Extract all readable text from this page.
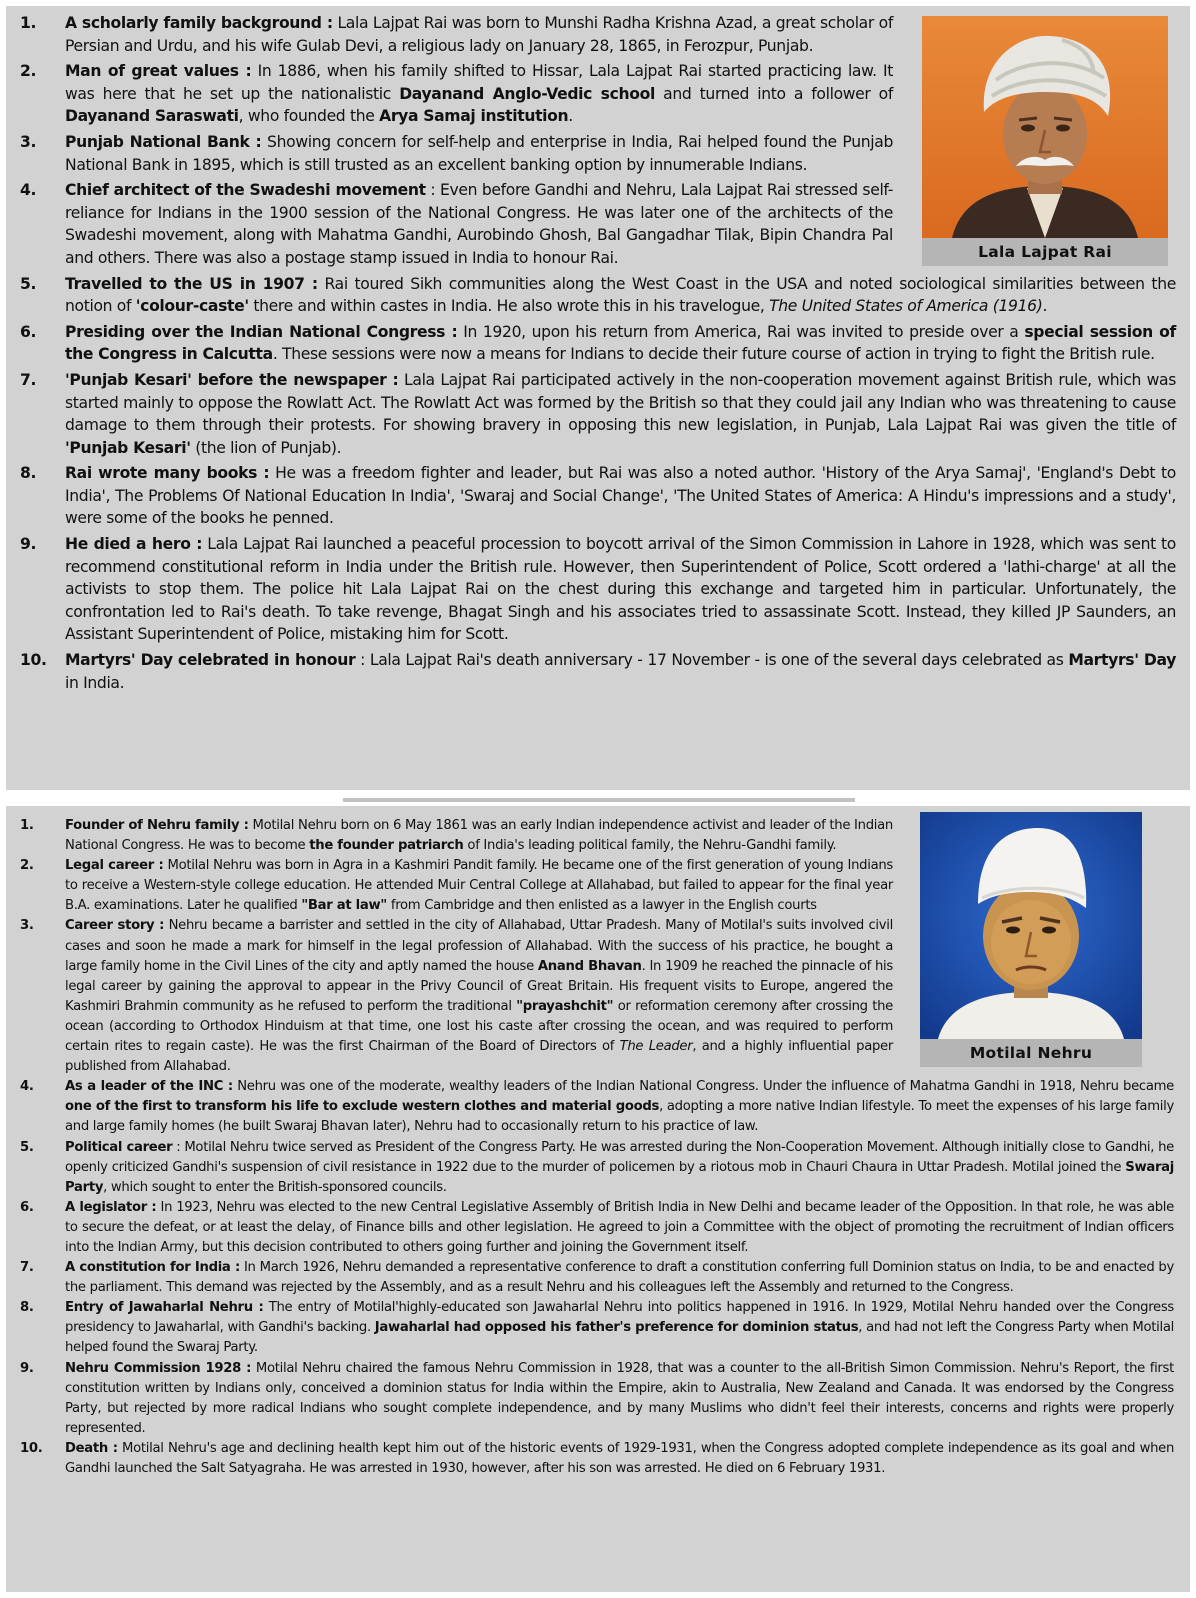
1. A scholarly family background : Lala Lajpat Rai was born to Munshi Radha Krishna Azad, a great scholar of Persian and Urdu, and his wife Gulab Devi, a religious lady on January 28, 1865, in Ferozpur, Punjab.
2. Man of great values : In 1886, when his family shifted to Hissar, Lala Lajpat Rai started practicing law. It was here that he set up the nationalistic Dayanand Anglo-Vedic school and turned into a follower of Dayanand Saraswati, who founded the Arya Samaj institution.
3. Punjab National Bank : Showing concern for self-help and enterprise in India, Rai helped found the Punjab National Bank in 1895, which is still trusted as an excellent banking option by innumerable Indians.
4. Chief architect of the Swadeshi movement : Even before Gandhi and Nehru, Lala Lajpat Rai stressed self-reliance for Indians in the 1900 session of the National Congress. He was later one of the architects of the Swadeshi movement, along with Mahatma Gandhi, Aurobindo Ghosh, Bal Gangadhar Tilak, Bipin Chandra Pal and others. There was also a postage stamp issued in India to honour Rai.
5. Travelled to the US in 1907 : Rai toured Sikh communities along the West Coast in the USA and noted sociological similarities between the notion of 'colour-caste' there and within castes in India. He also wrote this in his travelogue, The United States of America (1916).
6. Presiding over the Indian National Congress : In 1920, upon his return from America, Rai was invited to preside over a special session of the Congress in Calcutta. These sessions were now a means for Indians to decide their future course of action in trying to fight the British rule.
7. 'Punjab Kesari' before the newspaper : Lala Lajpat Rai participated actively in the non-cooperation movement against British rule, which was started mainly to oppose the Rowlatt Act. The Rowlatt Act was formed by the British so that they could jail any Indian who was threatening to cause damage to them through their protests. For showing bravery in opposing this new legislation, in Punjab, Lala Lajpat Rai was given the title of 'Punjab Kesari' (the lion of Punjab).
8. Rai wrote many books : He was a freedom fighter and leader, but Rai was also a noted author. 'History of the Arya Samaj', 'England's Debt to India', The Problems Of National Education In India', 'Swaraj and Social Change', 'The United States of America: A Hindu's impressions and a study', were some of the books he penned.
9. He died a hero : Lala Lajpat Rai launched a peaceful procession to boycott arrival of the Simon Commission in Lahore in 1928, which was sent to recommend constitutional reform in India under the British rule. However, then Superintendent of Police, Scott ordered a 'lathi-charge' at all the activists to stop them. The police hit Lala Lajpat Rai on the chest during this exchange and targeted him in particular. Unfortunately, the confrontation led to Rai's death. To take revenge, Bhagat Singh and his associates tried to assassinate Scott. Instead, they killed JP Saunders, an Assistant Superintendent of Police, mistaking him for Scott.
10. Martyrs' Day celebrated in honour : Lala Lajpat Rai's death anniversary - 17 November - is one of the several days celebrated as Martyrs' Day in India.
Lala Lajpat Rai
1. Founder of Nehru family : Motilal Nehru born on 6 May 1861 was an early Indian independence activist and leader of the Indian National Congress. He was to become the founder patriarch of India's leading political family, the Nehru-Gandhi family.
2. Legal career : Motilal Nehru was born in Agra in a Kashmiri Pandit family. He became one of the first generation of young Indians to receive a Western-style college education. He attended Muir Central College at Allahabad, but failed to appear for the final year B.A. examinations. Later he qualified "Bar at law" from Cambridge and then enlisted as a lawyer in the English courts
3. Career story : Nehru became a barrister and settled in the city of Allahabad, Uttar Pradesh. Many of Motilal's suits involved civil cases and soon he made a mark for himself in the legal profession of Allahabad. With the success of his practice, he bought a large family home in the Civil Lines of the city and aptly named the house Anand Bhavan. In 1909 he reached the pinnacle of his legal career by gaining the approval to appear in the Privy Council of Great Britain. His frequent visits to Europe, angered the Kashmiri Brahmin community as he refused to perform the traditional "prayashchit" or reformation ceremony after crossing the ocean (according to Orthodox Hinduism at that time, one lost his caste after crossing the ocean, and was required to perform certain rites to regain caste). He was the first Chairman of the Board of Directors of The Leader, and a highly influential paper published from Allahabad.
4. As a leader of the INC : Nehru was one of the moderate, wealthy leaders of the Indian National Congress. Under the influence of Mahatma Gandhi in 1918, Nehru became one of the first to transform his life to exclude western clothes and material goods, adopting a more native Indian lifestyle. To meet the expenses of his large family and large family homes (he built Swaraj Bhavan later), Nehru had to occasionally return to his practice of law.
5. Political career : Motilal Nehru twice served as President of the Congress Party. He was arrested during the Non-Cooperation Movement. Although initially close to Gandhi, he openly criticized Gandhi's suspension of civil resistance in 1922 due to the murder of policemen by a riotous mob in Chauri Chaura in Uttar Pradesh. Motilal joined the Swaraj Party, which sought to enter the British-sponsored councils.
6. A legislator : In 1923, Nehru was elected to the new Central Legislative Assembly of British India in New Delhi and became leader of the Opposition. In that role, he was able to secure the defeat, or at least the delay, of Finance bills and other legislation. He agreed to join a Committee with the object of promoting the recruitment of Indian officers into the Indian Army, but this decision contributed to others going further and joining the Government itself.
7. A constitution for India : In March 1926, Nehru demanded a representative conference to draft a constitution conferring full Dominion status on India, to be and enacted by the parliament. This demand was rejected by the Assembly, and as a result Nehru and his colleagues left the Assembly and returned to the Congress.
8. Entry of Jawaharlal Nehru : The entry of Motilal'highly-educated son Jawaharlal Nehru into politics happened in 1916. In 1929, Motilal Nehru handed over the Congress presidency to Jawaharlal, with Gandhi's backing. Jawaharlal had opposed his father's preference for dominion status, and had not left the Congress Party when Motilal helped found the Swaraj Party.
9. Nehru Commission 1928 : Motilal Nehru chaired the famous Nehru Commission in 1928, that was a counter to the all-British Simon Commission. Nehru's Report, the first constitution written by Indians only, conceived a dominion status for India within the Empire, akin to Australia, New Zealand and Canada. It was endorsed by the Congress Party, but rejected by more radical Indians who sought complete independence, and by many Muslims who didn't feel their interests, concerns and rights were properly represented.
10. Death : Motilal Nehru's age and declining health kept him out of the historic events of 1929-1931, when the Congress adopted complete independence as its goal and when Gandhi launched the Salt Satyagraha. He was arrested in 1930, however, after his son was arrested. He died on 6 February 1931.
Motilal Nehru
